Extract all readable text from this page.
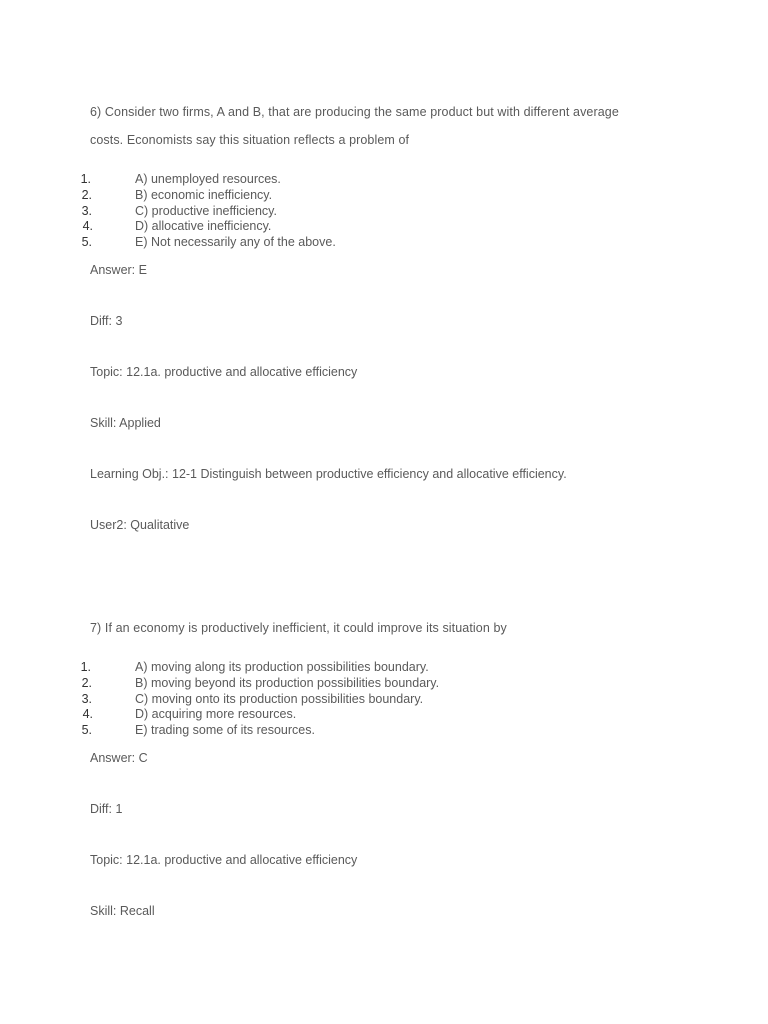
6) Consider two firms, A and B, that are producing the same product but with different average
costs. Economists say this situation reflects a problem of
1.	A) unemployed resources.
2.	B) economic inefficiency.
3.	C) productive inefficiency.
4.	D) allocative inefficiency.
5.	E) Not necessarily any of the above.
Answer: E
Diff: 3
Topic: 12.1a. productive and allocative efficiency
Skill: Applied
Learning Obj.: 12-1 Distinguish between productive efficiency and allocative efficiency.
User2: Qualitative
7) If an economy is productively inefficient, it could improve its situation by
1.	A) moving along its production possibilities boundary.
2.	B) moving beyond its production possibilities boundary.
3.	C) moving onto its production possibilities boundary.
4.	D) acquiring more resources.
5.	E) trading some of its resources.
Answer: C
Diff: 1
Topic: 12.1a. productive and allocative efficiency
Skill: Recall
